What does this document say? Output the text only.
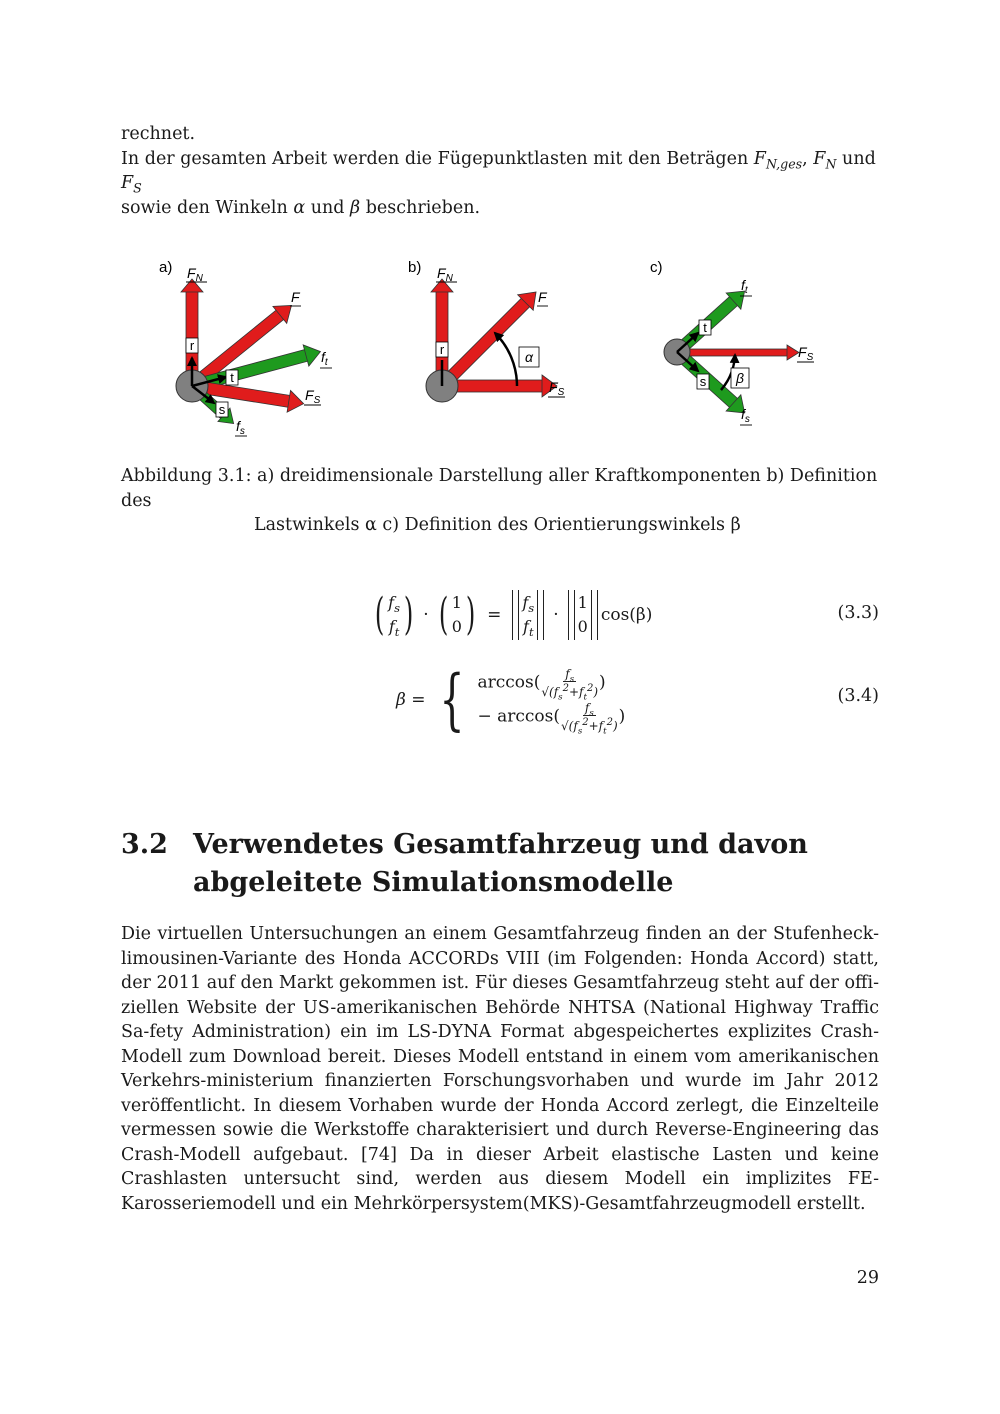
rechnet.
In der gesamten Arbeit werden die Fügepunktlasten mit den Beträgen $F_{N,ges}$, $F_N$ und $F_S$
sowie den Winkeln α und β beschrieben.
a)
r
t
s
$F_N$
F
$f_t$
$F_S$
$f_s$
b)
r	α
$F_N$
F
$F_S$
c)
t
s β
$f_t$
$F_S$
$f_s$
Abbildung 3.1: a) dreidimensionale Darstellung aller Kraftkomponenten b) Definition des
Lastwinkels α c) Definition des Orientierungswinkels β
( $f_s$
$f_t$ ) · ( 1
0 ) =
$f_s$
$f_t$
·
1
0
cos(β)	(3.3)
β = { $\arccos( \frac{f_s}{√(f_s^2+f_t^2)}$ )
− $\arccos( \frac{f_s}{√(f_s^2+f_t^2)}$ )
(3.4)
3.2 Verwendetes Gesamtfahrzeug und davon
abgeleitete Simulationsmodelle
Die virtuellen Untersuchungen an einem Gesamtfahrzeug finden an der Stufenheck-limousinen-Variante des Honda ACCORDs VIII (im Folgenden: Honda Accord) statt, der 2011 auf den Markt gekommen ist. Für dieses Gesamtfahrzeug steht auf der offi-ziellen Website der US-amerikanischen Behörde NHTSA (National Highway Traffic Sa-fety Administration) ein im LS-DYNA Format abgespeichertes explizites Crash-Modell zum Download bereit. Dieses Modell entstand in einem vom amerikanischen Verkehrs-ministerium finanzierten Forschungsvorhaben und wurde im Jahr 2012 veröffentlicht. In diesem Vorhaben wurde der Honda Accord zerlegt, die Einzelteile vermessen sowie die Werkstoffe charakterisiert und durch Reverse-Engineering das Crash-Modell aufgebaut. [74] Da in dieser Arbeit elastische Lasten und keine Crashlasten untersucht sind, werden aus diesem Modell ein implizites FE-Karosseriemodell und ein Mehrkörpersystem(MKS)-Gesamtfahrzeugmodell erstellt.
29
